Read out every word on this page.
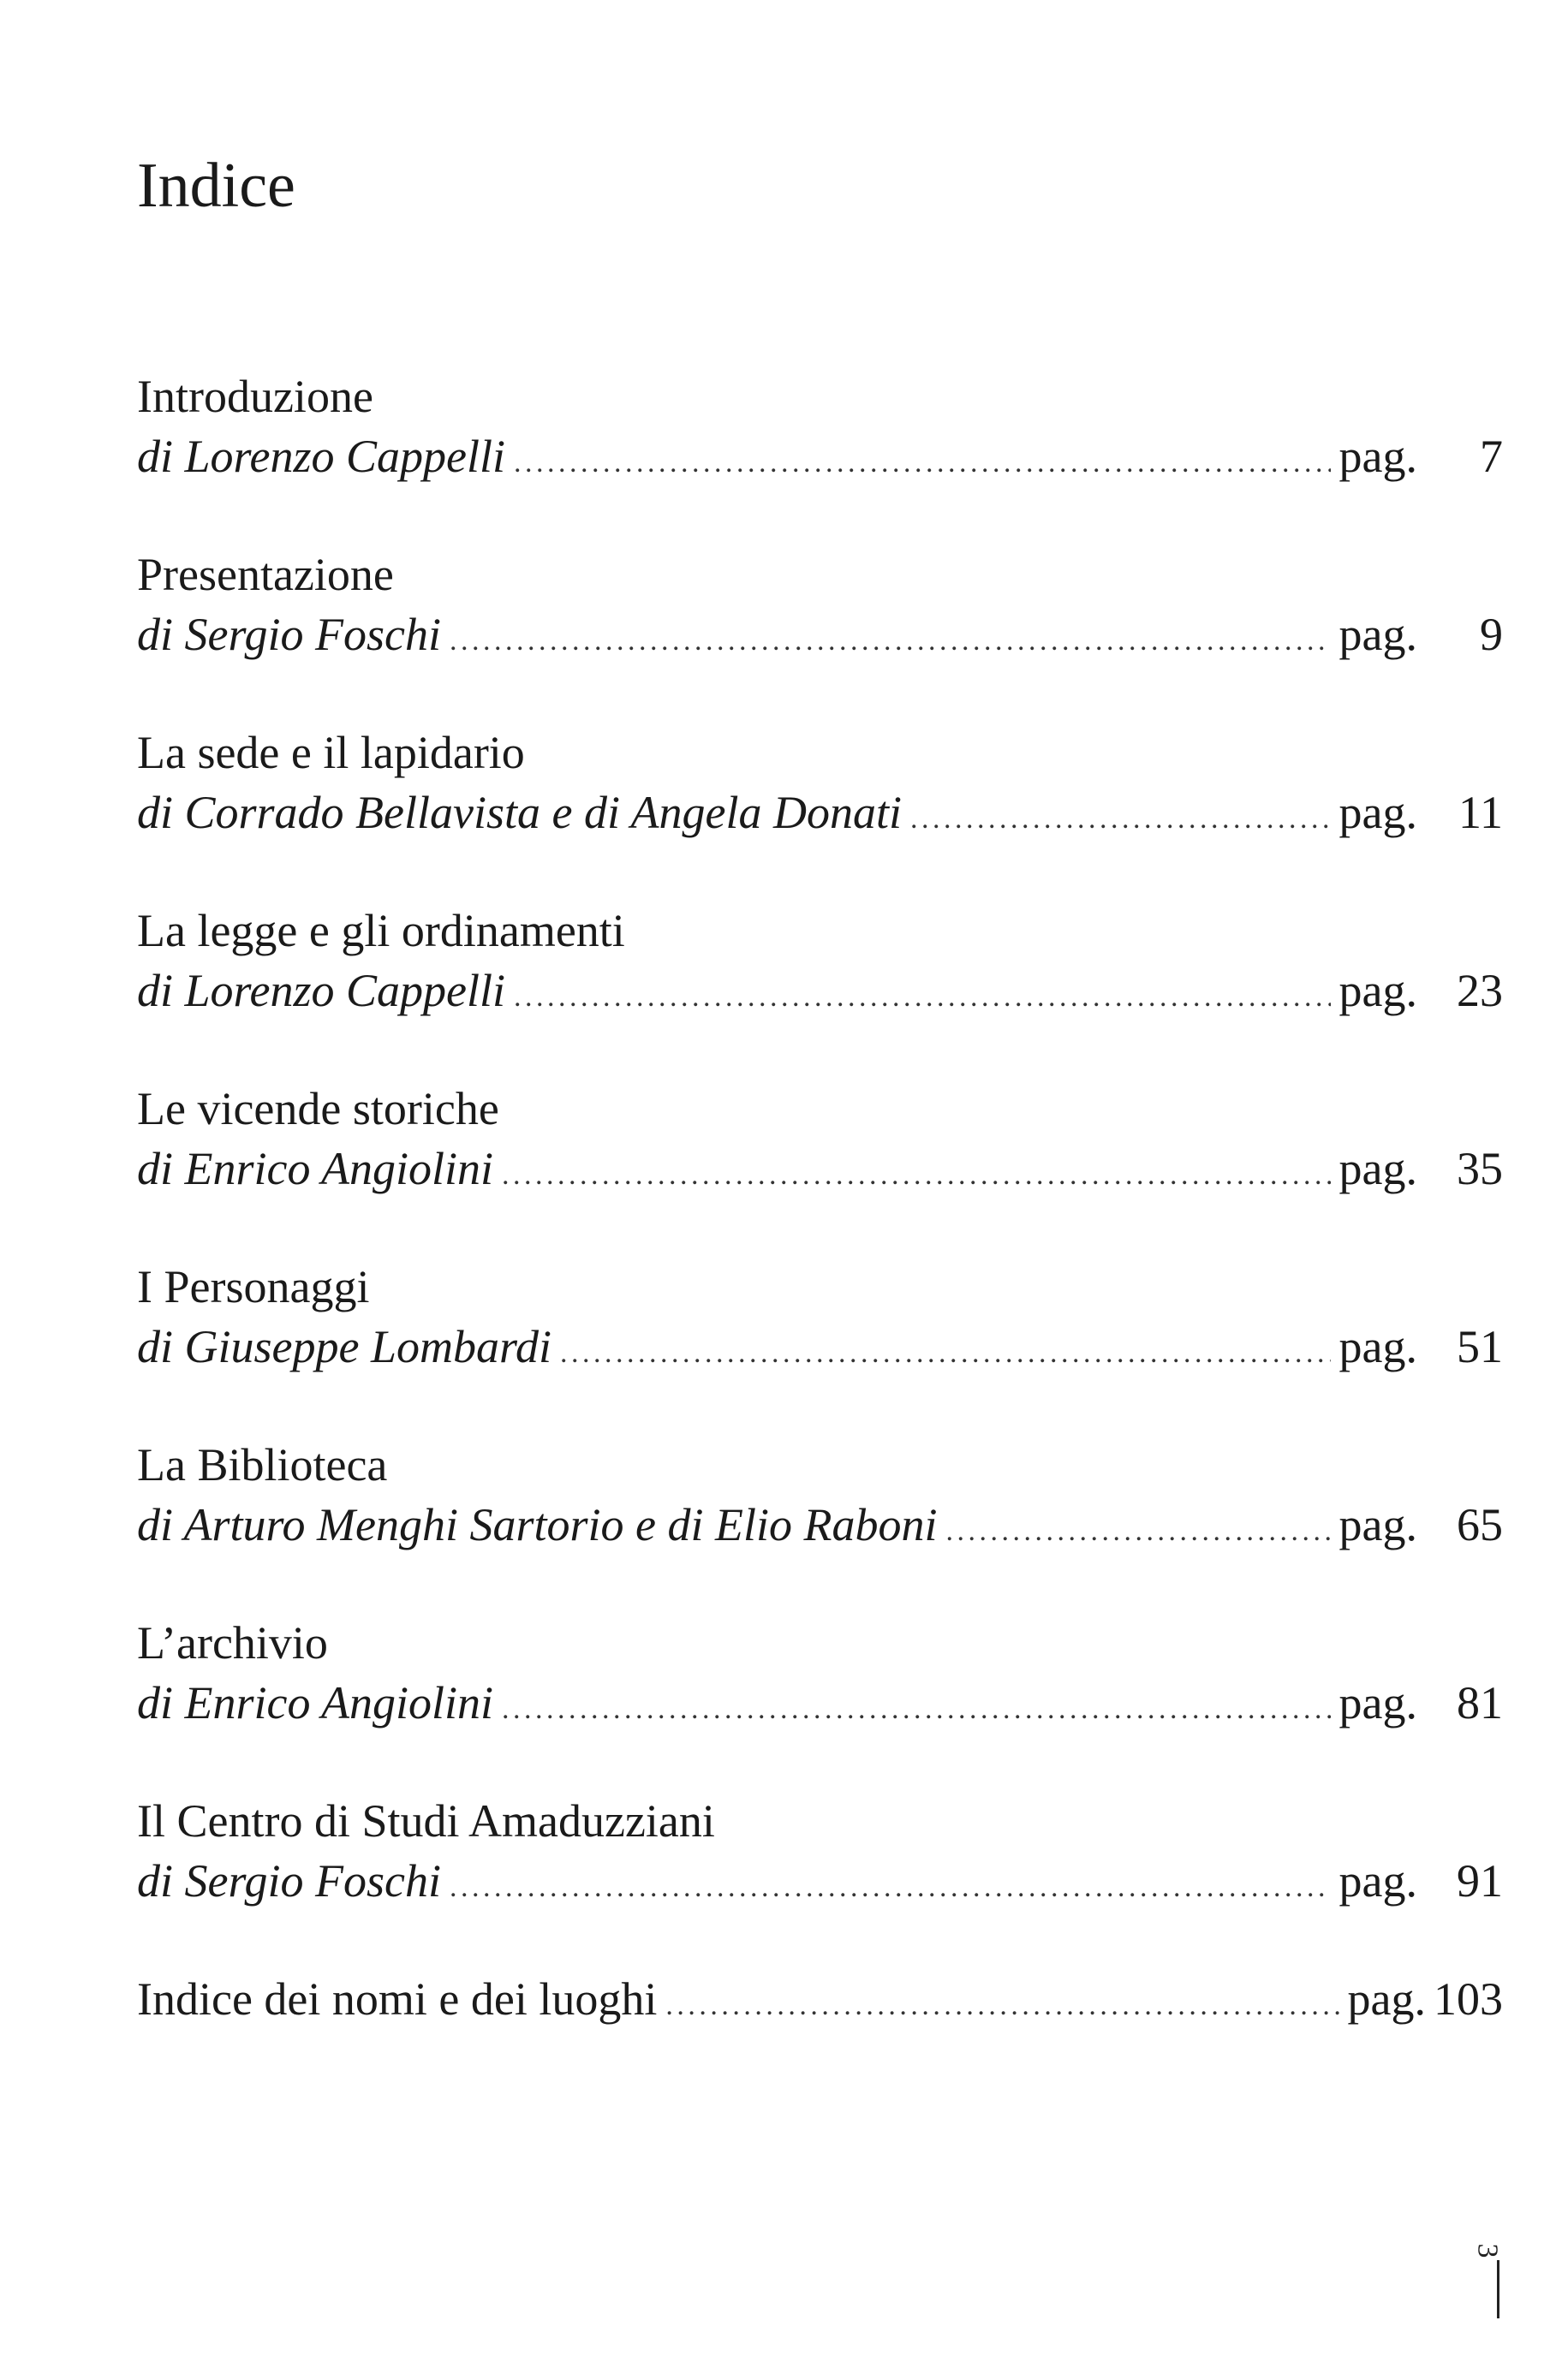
Indice
Introduzione
di Lorenzo Cappelli . . .	pag.	7
Presentazione
di Sergio Foschi . . .	pag.	9
La sede e il lapidario
di Corrado Bellavista e di Angela Donati . . .	pag. 11
La legge e gli ordinamenti
di Lorenzo Cappelli . . .	pag. 23
Le vicende storiche
di Enrico Angiolini . . .	pag. 35
I Personaggi
di Giuseppe Lombardi . . .	pag. 51
La Biblioteca
di Arturo Menghi Sartorio e di Elio Raboni . . .	pag. 65
L’archivio
di Enrico Angiolini . . .	pag. 81
Il Centro di Studi Amaduzziani
di Sergio Foschi . . .	pag. 91
Indice dei nomi e dei luoghi . . .	pag. 103
3
